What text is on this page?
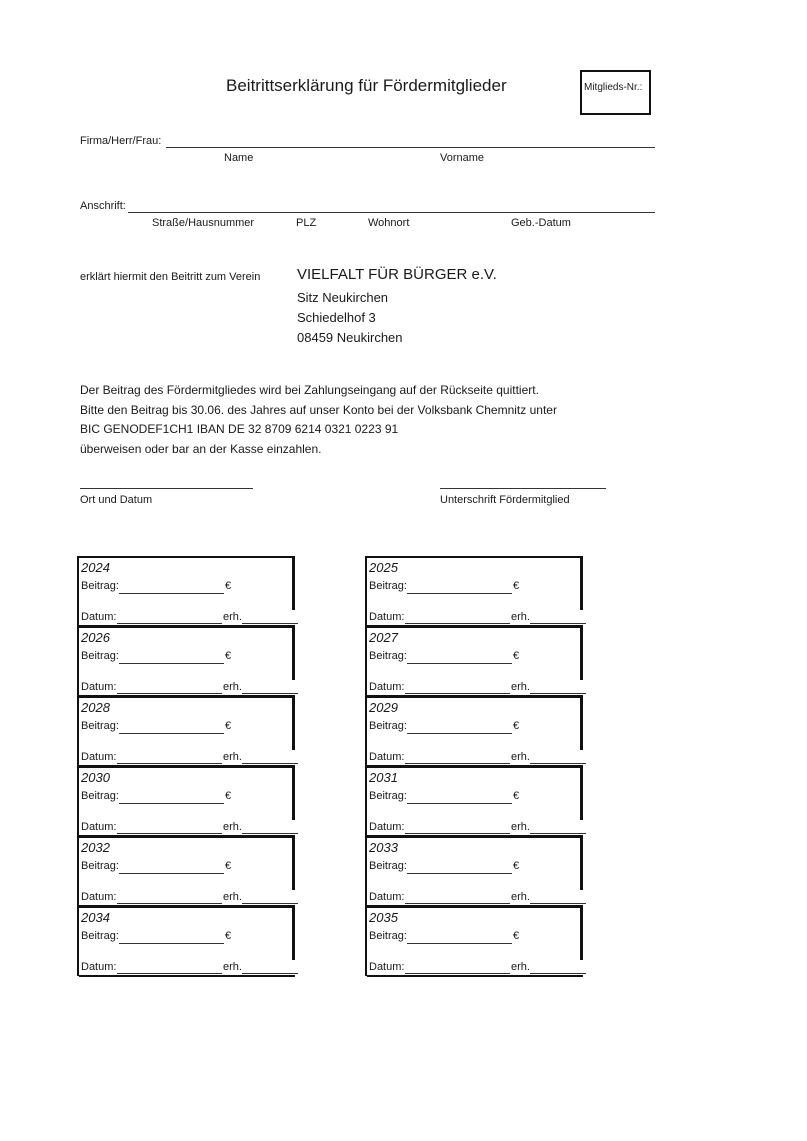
Beitrittserklärung für Fördermitglieder	Mitglieds-Nr.:
Firma/Herr/Frau:
Name	Vorname
Anschrift:
Straße/Hausnummer	PLZ	Wohnort	Geb.-Datum
erklärt hiermit den Beitritt zum Verein VIELFALT FÜR BÜRGER e.V.
Sitz Neukirchen
Schiedelhof 3
08459 Neukirchen
Der Beitrag des Fördermitgliedes wird bei Zahlungseingang auf der Rückseite quittiert.
Bitte den Beitrag bis 30.06. des Jahres auf unser Konto bei der Volksbank Chemnitz unter
BIC GENODEF1CH1 IBAN DE 32 8709 6214 0321 0223 91
überweisen oder bar an der Kasse einzahlen.
Ort und Datum	Unterschrift Fördermitglied
2024
Beitrag:	€
Datum:	erh.
2025
Beitrag:	€
Datum:	erh.
2026
Beitrag:	€
Datum:	erh.
2027
Beitrag:	€
Datum:	erh.
2028
Beitrag:	€
Datum:	erh.
2029
Beitrag:	€
Datum:	erh.
2030
Beitrag:	€
Datum:	erh.
2031
Beitrag:	€
Datum:	erh.
2032
Beitrag:	€
Datum:	erh.
2033
Beitrag:	€
Datum:	erh.
2034
Beitrag:	€
Datum:	erh.
2035
Beitrag:	€
Datum:	erh.
